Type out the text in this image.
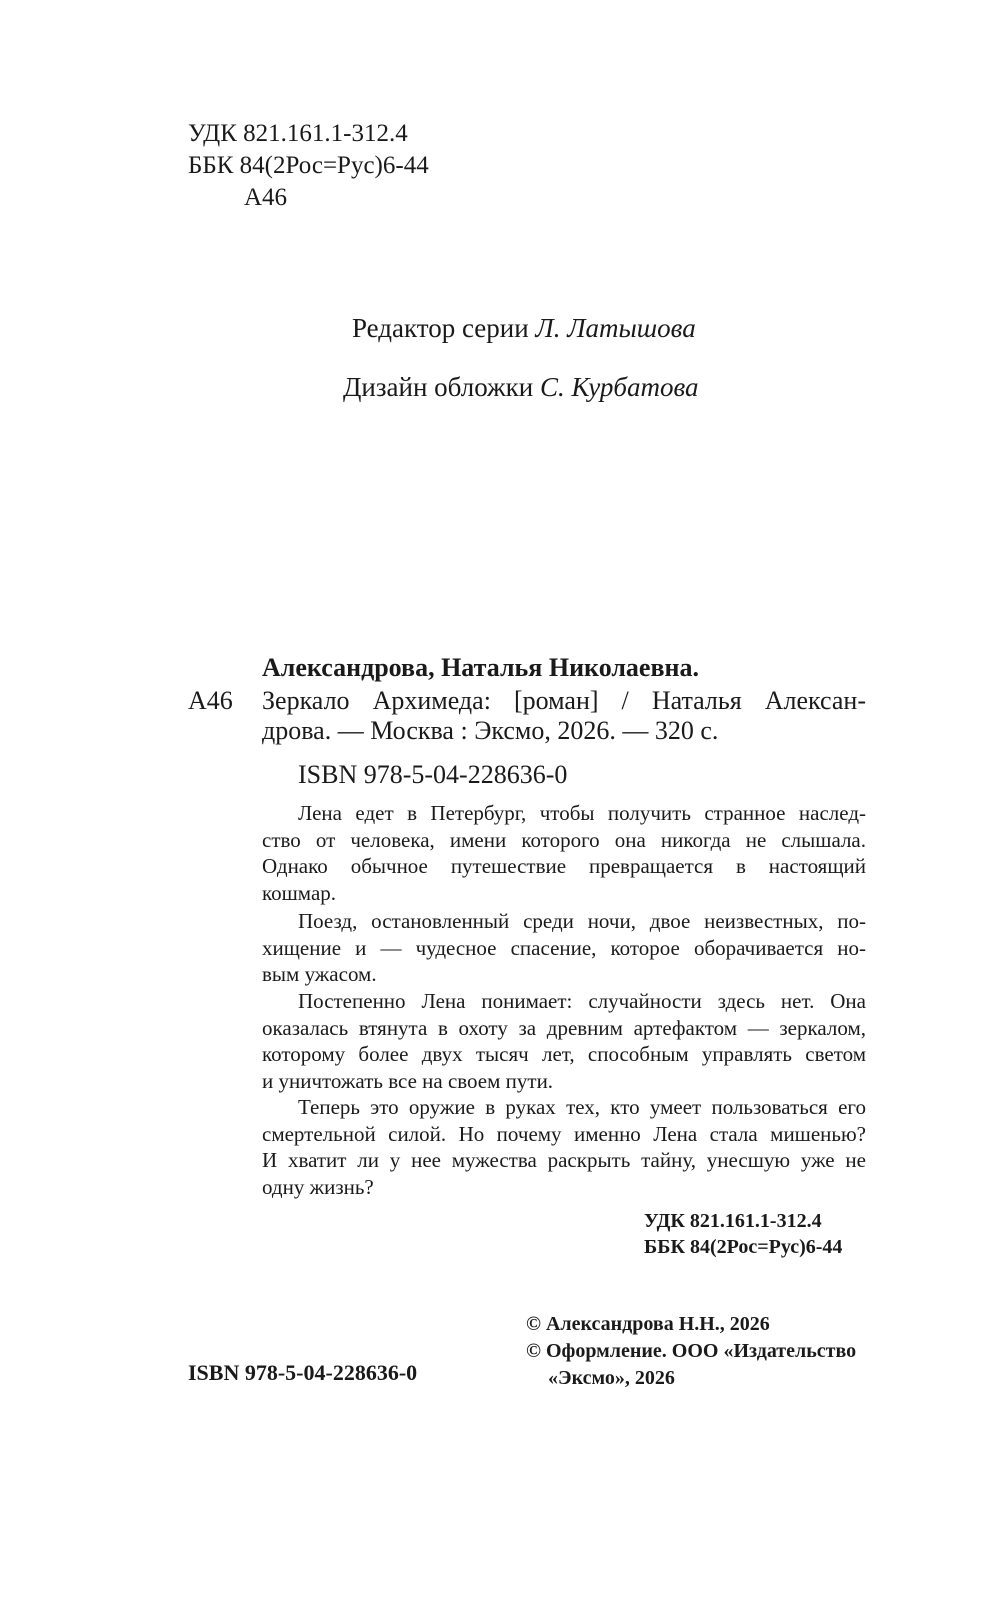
УДК 821.161.1-312.4
ББК 84(2Рос=Рус)6-44
А46
Редактор серии Л. Латышова
Дизайн обложки С. Курбатова
Александрова, Наталья Николаевна.
А46 Зеркало Архимеда: [роман] / Наталья Алексан-
дрова. — Москва : Эксмо, 2026. — 320 с.
ISBN 978-5-04-228636-0
Лена едет в Петербург, чтобы получить странное наслед-
ство от человека, имени которого она никогда не слышала.
Однако обычное путешествие превращается в настоящий
кошмар.
Поезд, остановленный среди ночи, двое неизвестных, по-
хищение и — чудесное спасение, которое оборачивается но-
вым ужасом.
Постепенно Лена понимает: случайности здесь нет. Она
оказалась втянута в охоту за древним артефактом — зеркалом,
которому более двух тысяч лет, способным управлять светом
и уничтожать все на своем пути.
Теперь это оружие в руках тех, кто умеет пользоваться его
смертельной силой. Но почему именно Лена стала мишенью?
И хватит ли у нее мужества раскрыть тайну, унесшую уже не
одну жизнь?
УДК 821.161.1-312.4
ББК 84(2Рос=Рус)6-44
© Александрова Н.Н., 2026
© Оформление. ООО «Издательство
«Эксмо», 2026
ISBN 978-5-04-228636-0
